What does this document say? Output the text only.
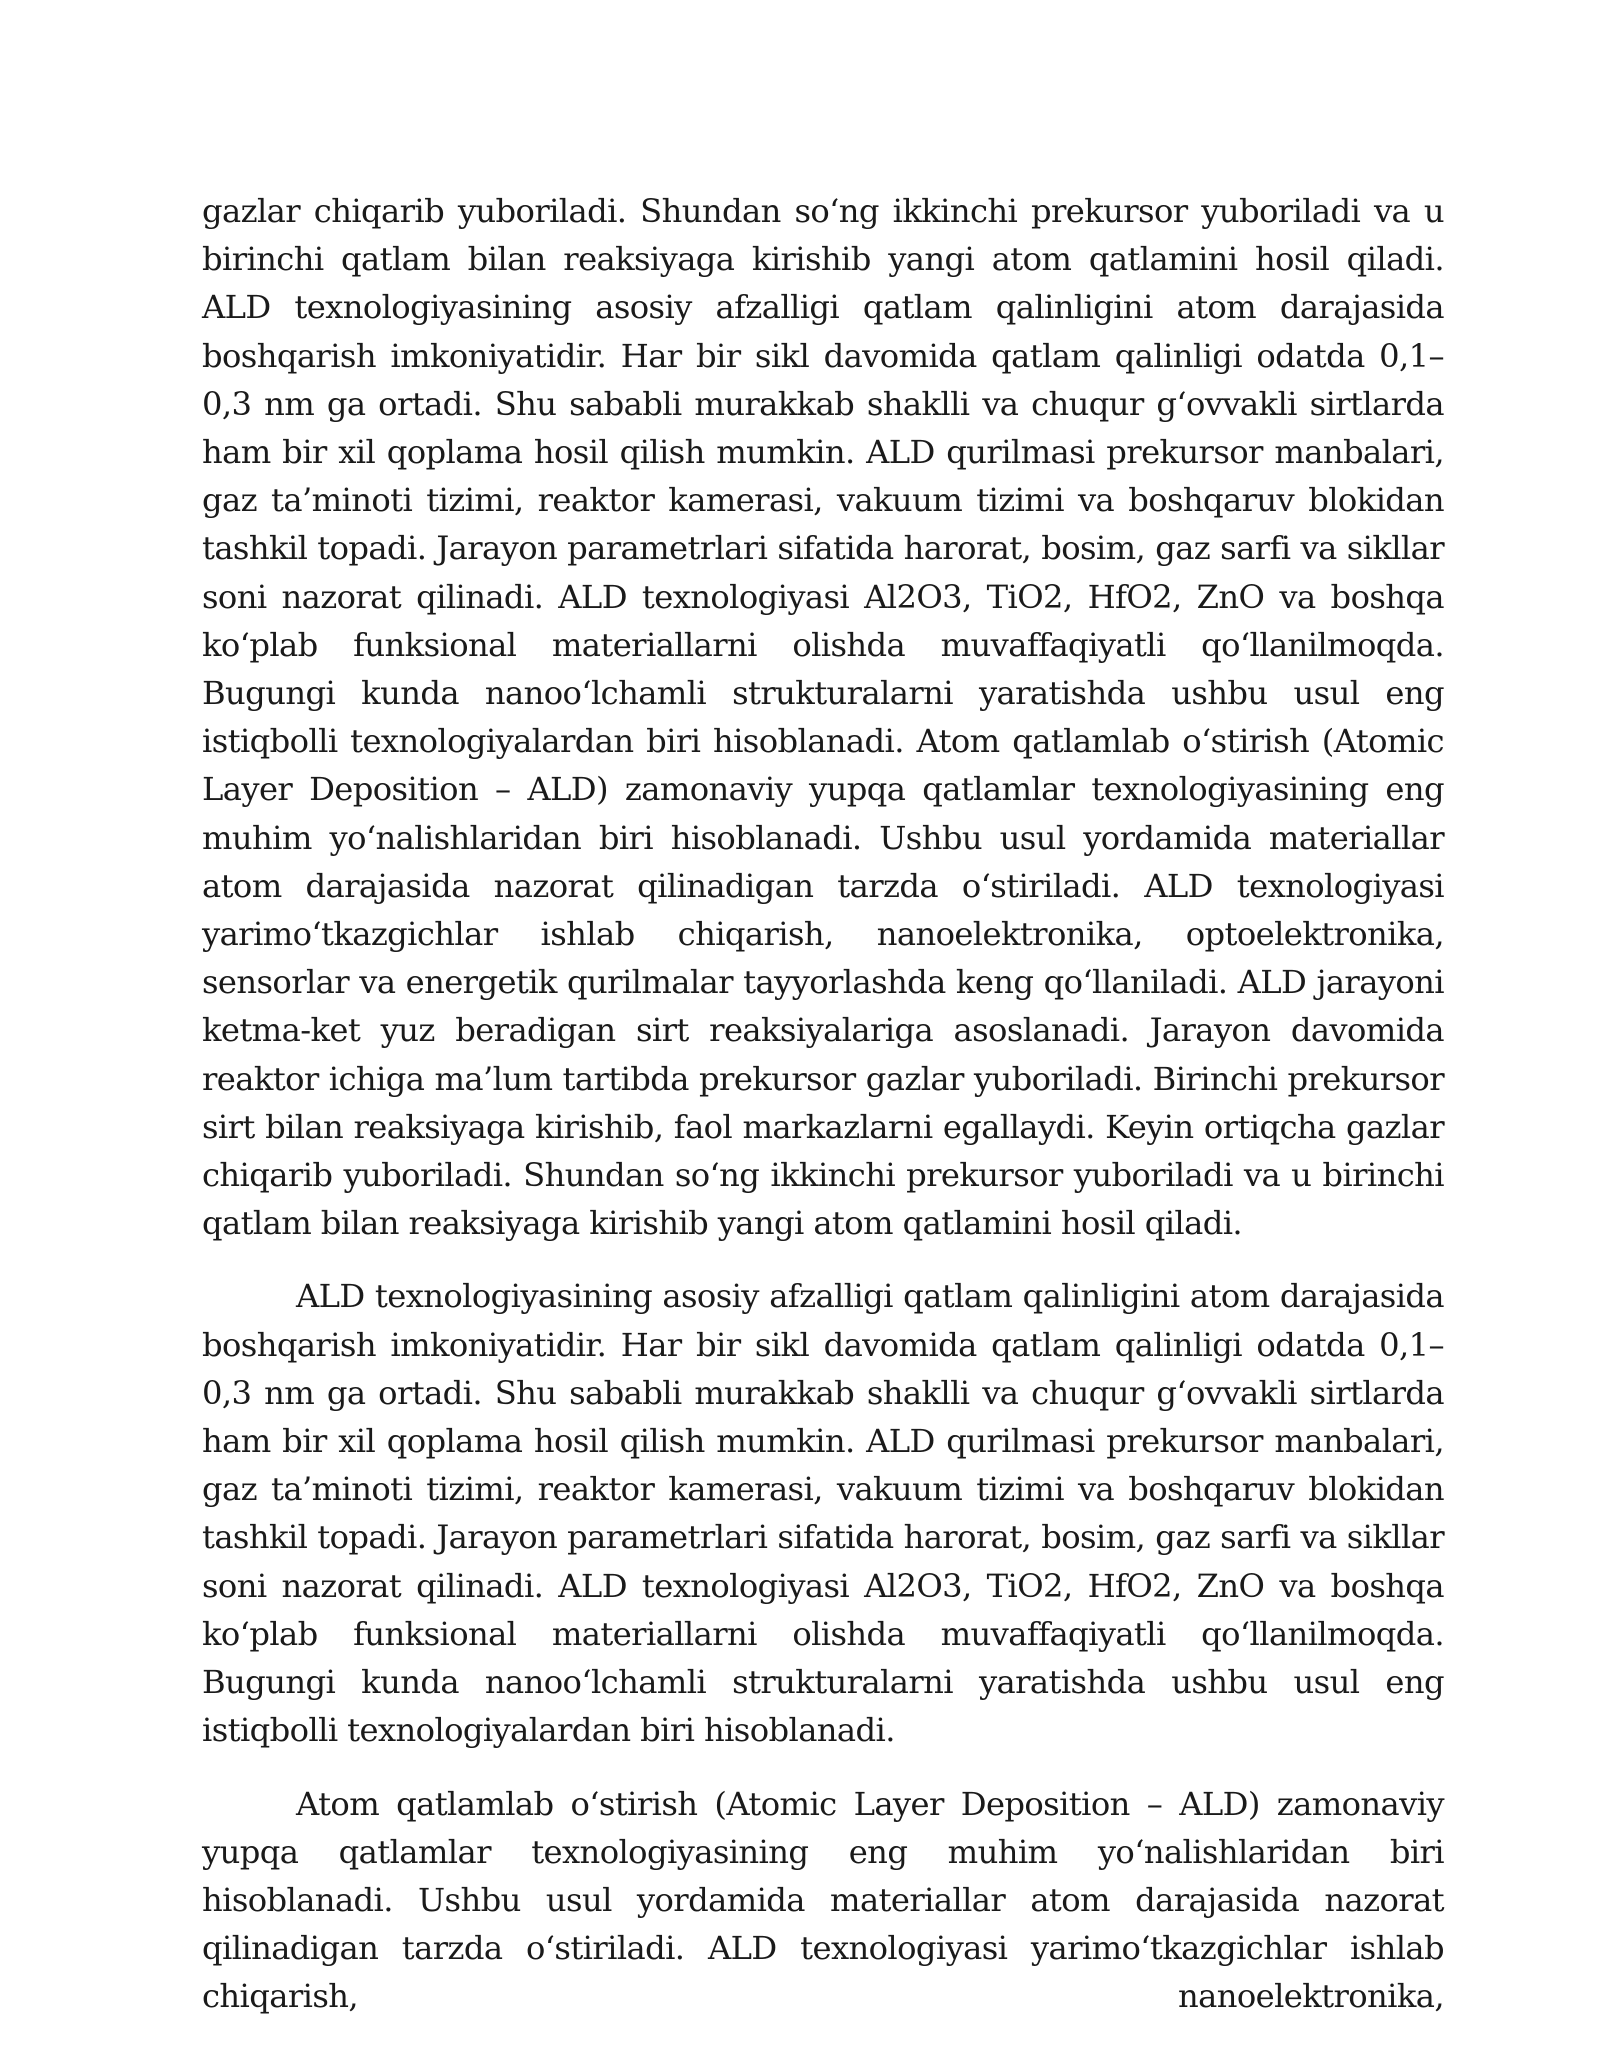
gazlar chiqarib yuboriladi. Shundan so‘ng ikkinchi prekursor yuboriladi va u birinchi qatlam bilan reaksiyaga kirishib yangi atom qatlamini hosil qiladi. ALD texnologiyasining asosiy afzalligi qatlam qalinligini atom darajasida boshqarish imkoniyatidir. Har bir sikl davomida qatlam qalinligi odatda 0,1–0,3 nm ga ortadi. Shu sababli murakkab shaklli va chuqur g‘ovvakli sirtlarda ham bir xil qoplama hosil qilish mumkin. ALD qurilmasi prekursor manbalari, gaz ta’minoti tizimi, reaktor kamerasi, vakuum tizimi va boshqaruv blokidan tashkil topadi. Jarayon parametrlari sifatida harorat, bosim, gaz sarfi va sikllar soni nazorat qilinadi. ALD texnologiyasi Al2O3, TiO2, HfO2, ZnO va boshqa ko‘plab funksional materiallarni olishda muvaffaqiyatli qo‘llanilmoqda. Bugungi kunda nanoo‘lchamli strukturalarni yaratishda ushbu usul eng istiqbolli texnologiyalardan biri hisoblanadi. Atom qatlamlab o‘stirish (Atomic Layer Deposition – ALD) zamonaviy yupqa qatlamlar texnologiyasining eng muhim yo‘nalishlaridan biri hisoblanadi. Ushbu usul yordamida materiallar atom darajasida nazorat qilinadigan tarzda o‘stiriladi. ALD texnologiyasi yarimo‘tkazgichlar ishlab chiqarish, nanoelektronika, optoelektronika, sensorlar va energetik qurilmalar tayyorlashda keng qo‘llaniladi. ALD jarayoni ketma-ket yuz beradigan sirt reaksiyalariga asoslanadi. Jarayon davomida reaktor ichiga ma’lum tartibda prekursor gazlar yuboriladi. Birinchi prekursor sirt bilan reaksiyaga kirishib, faol markazlarni egallaydi. Keyin ortiqcha gazlar chiqarib yuboriladi. Shundan so‘ng ikkinchi prekursor yuboriladi va u birinchi qatlam bilan reaksiyaga kirishib yangi atom qatlamini hosil qiladi.

ALD texnologiyasining asosiy afzalligi qatlam qalinligini atom darajasida boshqarish imkoniyatidir. Har bir sikl davomida qatlam qalinligi odatda 0,1–0,3 nm ga ortadi. Shu sababli murakkab shaklli va chuqur g‘ovvakli sirtlarda ham bir xil qoplama hosil qilish mumkin. ALD qurilmasi prekursor manbalari, gaz ta’minoti tizimi, reaktor kamerasi, vakuum tizimi va boshqaruv blokidan tashkil topadi. Jarayon parametrlari sifatida harorat, bosim, gaz sarfi va sikllar soni nazorat qilinadi. ALD texnologiyasi Al2O3, TiO2, HfO2, ZnO va boshqa ko‘plab funksional materiallarni olishda muvaffaqiyatli qo‘llanilmoqda. Bugungi kunda nanoo‘lchamli strukturalarni yaratishda ushbu usul eng istiqbolli texnologiyalardan biri hisoblanadi.

Atom qatlamlab o‘stirish (Atomic Layer Deposition – ALD) zamonaviy yupqa qatlamlar texnologiyasining eng muhim yo‘nalishlaridan biri hisoblanadi. Ushbu usul yordamida materiallar atom darajasida nazorat qilinadigan tarzda o‘stiriladi. ALD texnologiyasi yarimo‘tkazgichlar ishlab chiqarish, nanoelektronika,
